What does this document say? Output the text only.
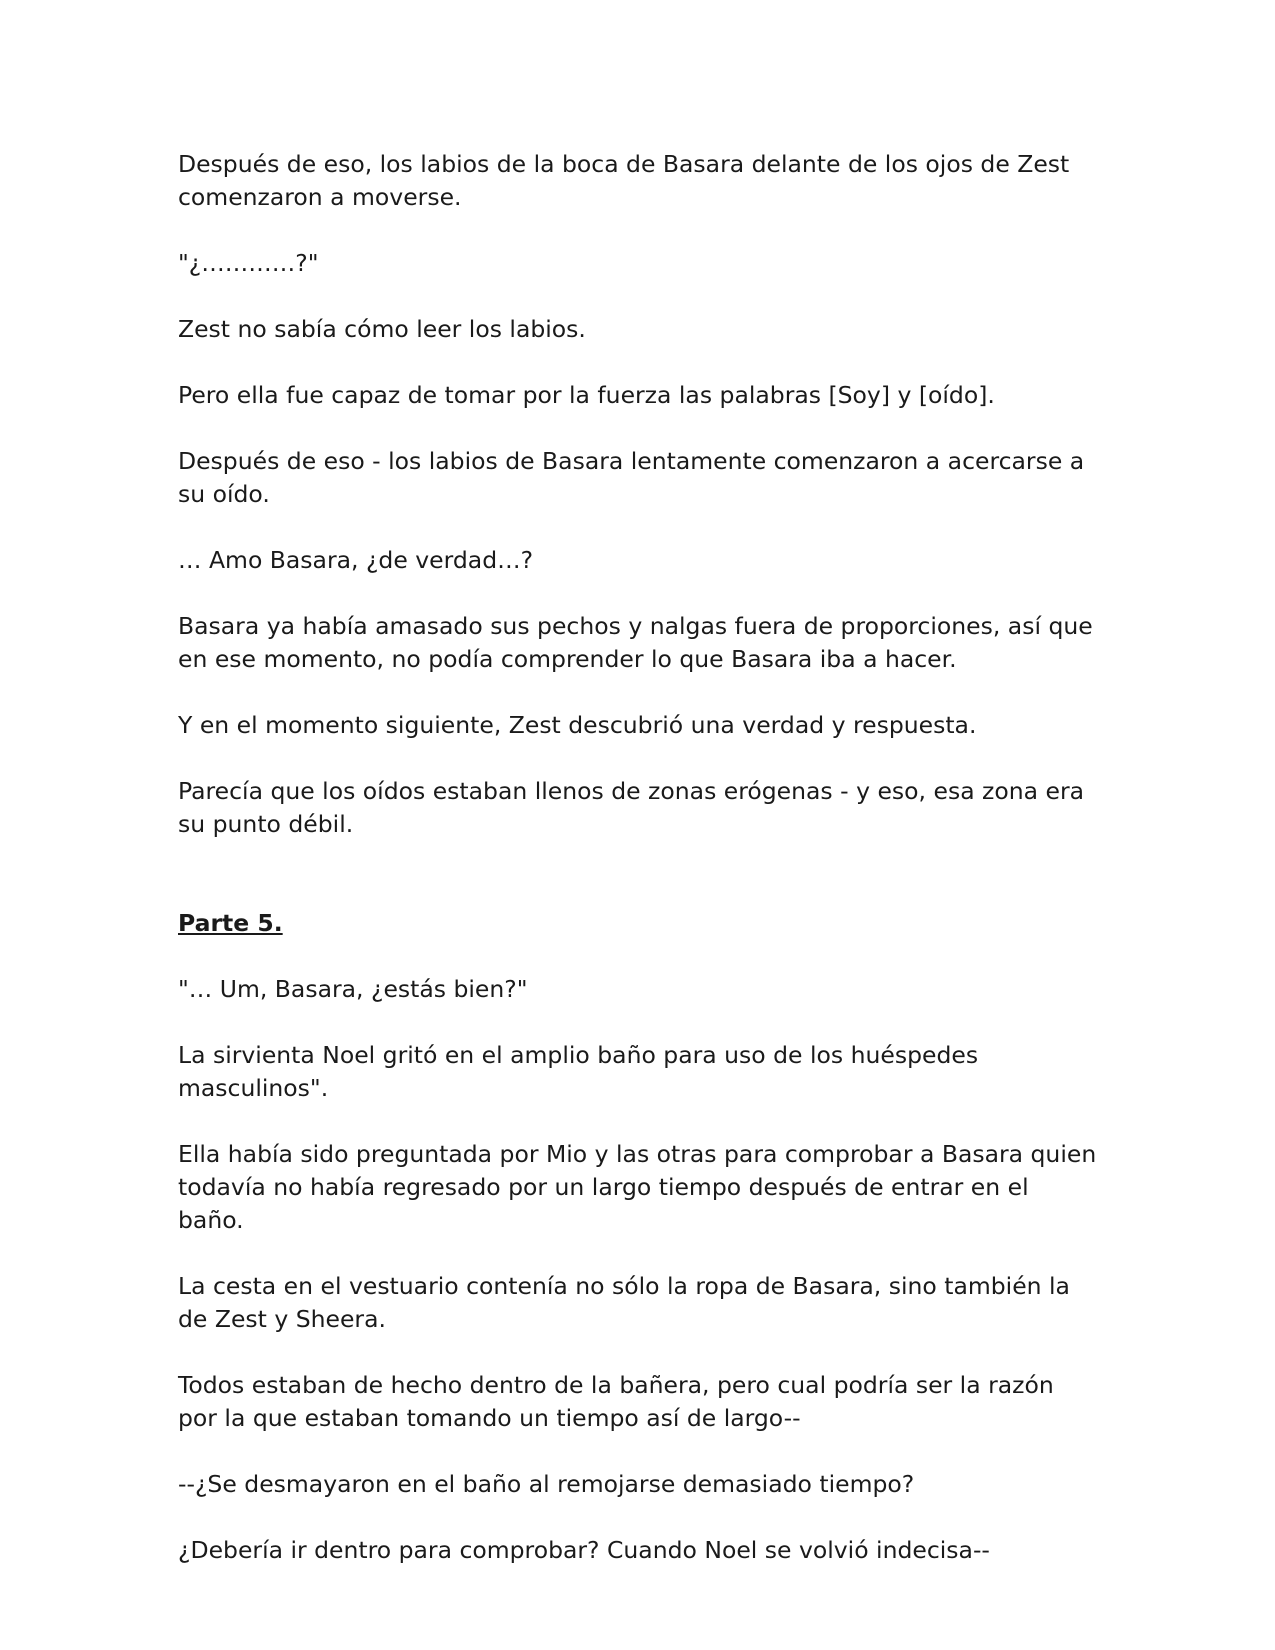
Después de eso, los labios de la boca de Basara delante de los ojos de Zest comenzaron a moverse.

"¿…………?"

Zest no sabía cómo leer los labios.

Pero ella fue capaz de tomar por la fuerza las palabras [Soy] y [oído].

Después de eso - los labios de Basara lentamente comenzaron a acercarse a su oído.

… Amo Basara, ¿de verdad…?

Basara ya había amasado sus pechos y nalgas fuera de proporciones, así que en ese momento, no podía comprender lo que Basara iba a hacer.

Y en el momento siguiente, Zest descubrió una verdad y respuesta.

Parecía que los oídos estaban llenos de zonas erógenas - y eso, esa zona era su punto débil.

Parte 5.

"… Um, Basara, ¿estás bien?"

La sirvienta Noel gritó en el amplio baño para uso de los huéspedes masculinos".

Ella había sido preguntada por Mio y las otras para comprobar a Basara quien todavía no había regresado por un largo tiempo después de entrar en el baño.

La cesta en el vestuario contenía no sólo la ropa de Basara, sino también la de Zest y Sheera.

Todos estaban de hecho dentro de la bañera, pero cual podría ser la razón por la que estaban tomando un tiempo así de largo--

--¿Se desmayaron en el baño al remojarse demasiado tiempo?

¿Debería ir dentro para comprobar? Cuando Noel se volvió indecisa--
